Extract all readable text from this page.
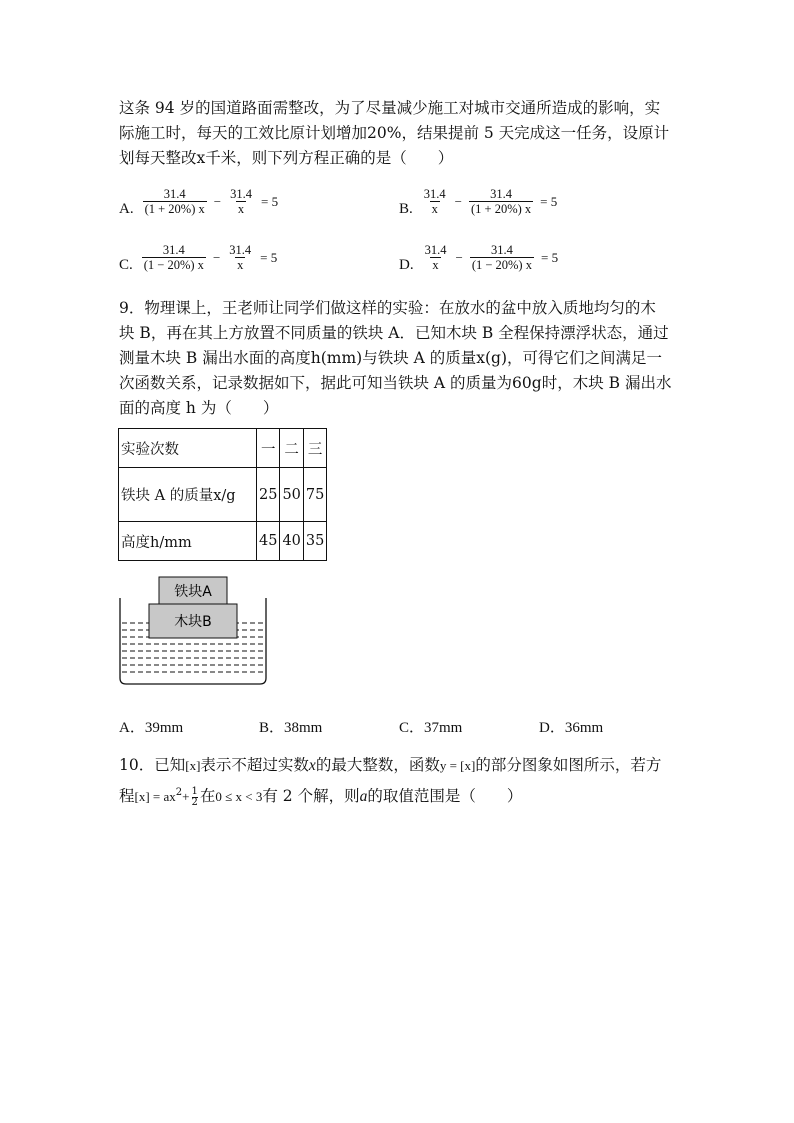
这条 94 岁的国道路面需整改，为了尽量减少施工对城市交通所造成的影响，实
际施工时，每天的工效比原计划增加20%，结果提前 5 天完成这一任务，设原计
划每天整改x千米，则下列方程正确的是（　　）
A. $\frac{31.4}{(1 + 20\%) x} - \frac{31.4}{x} = 5$	B. $\frac{31.4}{x} - \frac{31.4}{(1 + 20\%) x} = 5$
C. $\frac{31.4}{(1 - 20\%) x} - \frac{31.4}{x} = 5$	D. $\frac{31.4}{x} - \frac{31.4}{(1 - 20\%) x} = 5$
9．物理课上，王老师让同学们做这样的实验：在放水的盆中放入质地均匀的木
块 B，再在其上方放置不同质量的铁块 A．已知木块 B 全程保持漂浮状态，通过
测量木块 B 漏出水面的高度h(mm)与铁块 A 的质量x(g)，可得它们之间满足一
次函数关系，记录数据如下，据此可知当铁块 A 的质量为60g时，木块 B 漏出水
面的高度 h 为（　　）
实验次数	一	二	三
铁块 A 的质量x/g	25	50	75
高度h/mm	45	40	35
铁块A
木块B
A．39mm	B．38mm	C．37mm	D．36mm
10．已知[x]表示不超过实数x的最大整数，函数y = [x]的部分图象如图所示，若方
程$[x] = ax^2+ \frac{1}{2}$ 在0 ≤ x < 3有 2 个解，则a的取值范围是（　　）
